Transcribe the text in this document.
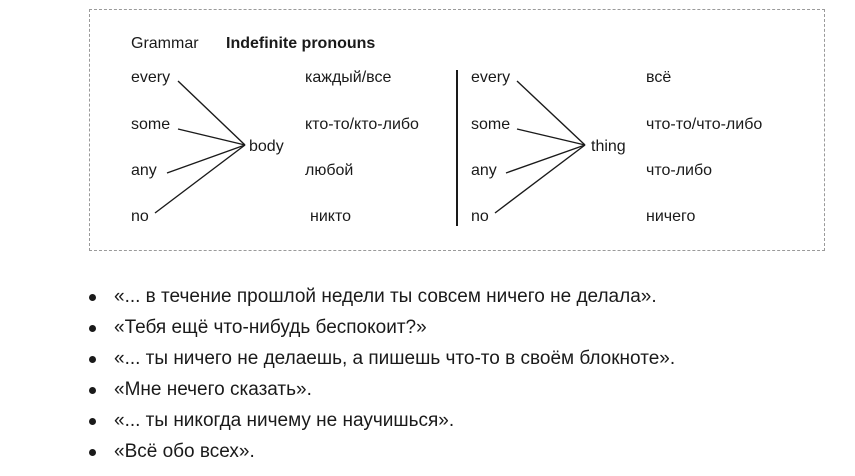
Grammar Indefinite pronouns
every
some
any
no
body
каждый/все
кто-то/кто-либо
любой
никто
every
some
any
no
thing
всё
что-то/что-либо
что-либо
ничего
«... в течение прошлой недели ты совсем ничего не делала».
«Тебя ещё что-нибудь беспокоит?»
«... ты ничего не делаешь, а пишешь что-то в своём блокноте».
«Мне нечего сказать».
«... ты никогда ничему не научишься».
«Всё обо всех».
